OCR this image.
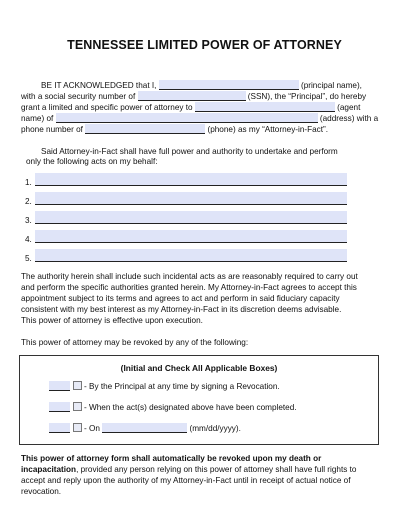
TENNESSEE LIMITED POWER OF ATTORNEY
BE IT ACKNOWLEDGED that I,	(principal name),
with a social security number of	(SSN), the “Principal”, do hereby
grant a limited and specific power of attorney to	(agent
name) of	(address) with a
phone number of	(phone) as my “Attorney-in-Fact”.
Said Attorney-in-Fact shall have full power and authority to undertake and perform
only the following acts on my behalf:
1.
2.
3.
4.
5.
The authority herein shall include such incidental acts as are reasonably required to carry out
and perform the specific authorities granted herein. My Attorney-in-Fact agrees to accept this
appointment subject to its terms and agrees to act and perform in said fiduciary capacity
consistent with my best interest as my Attorney-in-Fact in its discretion deems advisable.
This power of attorney is effective upon execution.
This power of attorney may be revoked by any of the following:
(Initial and Check All Applicable Boxes)
- By the Principal at any time by signing a Revocation.
- When the act(s) designated above have been completed.
- On	(mm/dd/yyyy).
This power of attorney form shall automatically be revoked upon my death or
incapacitation, provided any person relying on this power of attorney shall have full rights to
accept and reply upon the authority of my Attorney-in-Fact until in receipt of actual notice of
revocation.
